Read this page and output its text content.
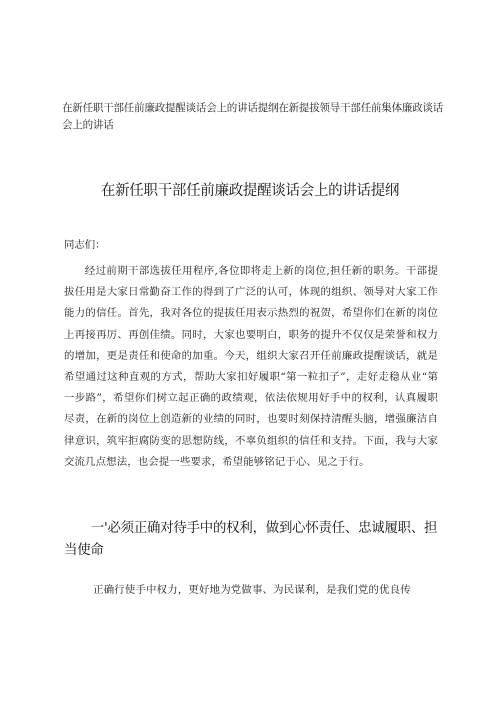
在新任职干部任前廉政提醒谈话会上的讲话提纲在新提拔领导干部任前集体廉政谈话会上的讲话
在新任职干部任前廉政提醒谈话会上的讲话提纲
同志们：

经过前期干部选拔任用程序,各位即将走上新的岗位,担任新的职务。干部提拔任用是大家日常勤奋工作的得到了广泛的认可，体现的组织、领导对大家工作能力的信任。首先，我对各位的提拔任用表示热烈的祝贺，希望你们在新的岗位上再接再厉、再创佳绩。同时，大家也要明白，职务的提升不仅仅是荣誉和权力的增加，更是责任和使命的加重。今天，组织大家召开任前廉政提醒谈话，就是希望通过这种直观的方式，帮助大家扣好履职“第一粒扣子”，走好走稳从业“第一步路”，希望你们树立起正确的政绩观，依法依规用好手中的权利，认真履职尽责，在新的岗位上创造新的业绩的同时，也要时刻保持清醒头脑，增强廉洁自律意识，筑牢拒腐防变的思想防线，不辜负组织的信任和支持。下面，我与大家交流几点想法，也会提一些要求，希望能够铭记于心、见之于行。

一'必须正确对待手中的权利，做到心怀责任、忠诚履职、担当使命

正确行使手中权力，更好地为党做事、为民谋利，是我们党的优良传
